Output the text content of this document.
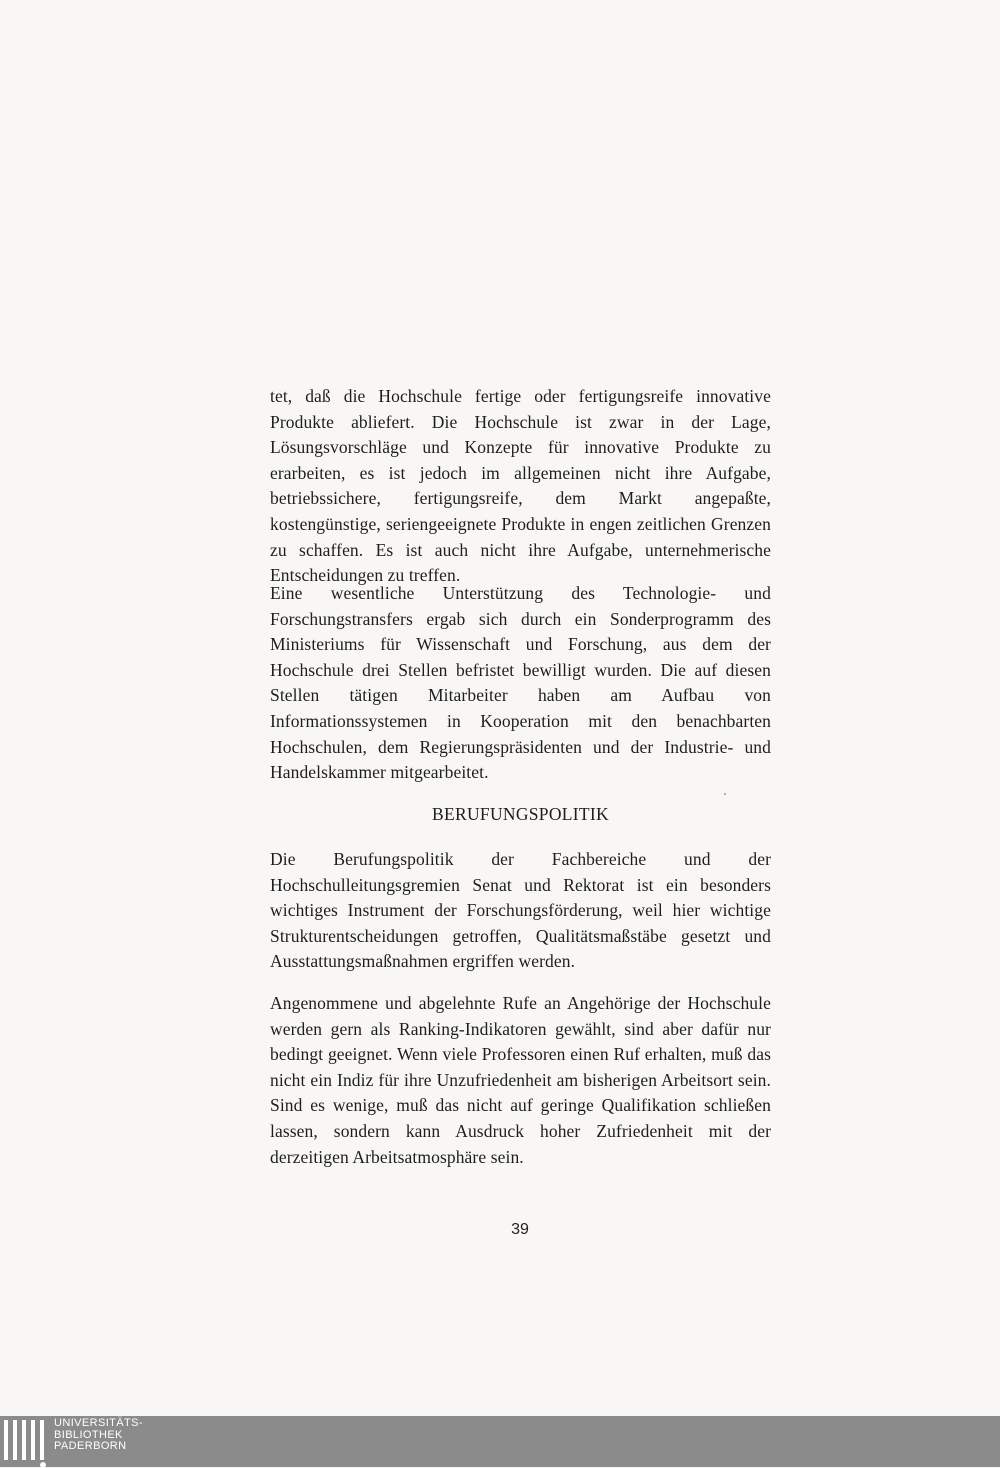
tet, daß die Hochschule fertige oder fertigungsreife innovative Produkte abliefert. Die Hochschule ist zwar in der Lage, Lösungsvorschläge und Konzepte für innovative Produkte zu erarbeiten, es ist jedoch im allgemeinen nicht ihre Aufgabe, betriebssichere, fertigungsreife, dem Markt angepaßte, kostengünstige, seriengeeignete Produkte in engen zeitlichen Grenzen zu schaffen. Es ist auch nicht ihre Aufgabe, unternehmerische Entscheidungen zu treffen.
Eine wesentliche Unterstützung des Technologie- und Forschungstransfers ergab sich durch ein Sonderprogramm des Ministeriums für Wissenschaft und Forschung, aus dem der Hochschule drei Stellen befristet bewilligt wurden. Die auf diesen Stellen tätigen Mitarbeiter haben am Aufbau von Informationssystemen in Kooperation mit den benachbarten Hochschulen, dem Regierungspräsidenten und der Industrie- und Handelskammer mitgearbeitet.
BERUFUNGSPOLITIK
Die Berufungspolitik der Fachbereiche und der Hochschulleitungsgremien Senat und Rektorat ist ein besonders wichtiges Instrument der Forschungsförderung, weil hier wichtige Strukturentscheidungen getroffen, Qualitätsmaßstäbe gesetzt und Ausstattungsmaßnahmen ergriffen werden.
Angenommene und abgelehnte Rufe an Angehörige der Hochschule werden gern als Ranking-Indikatoren gewählt, sind aber dafür nur bedingt geeignet. Wenn viele Professoren einen Ruf erhalten, muß das nicht ein Indiz für ihre Unzufriedenheit am bisherigen Arbeitsort sein. Sind es wenige, muß das nicht auf geringe Qualifikation schließen lassen, sondern kann Ausdruck hoher Zufriedenheit mit der derzeitigen Arbeitsatmosphäre sein.
39
UNIVERSITÄTS-
BIBLIOTHEK
PADERBORN
